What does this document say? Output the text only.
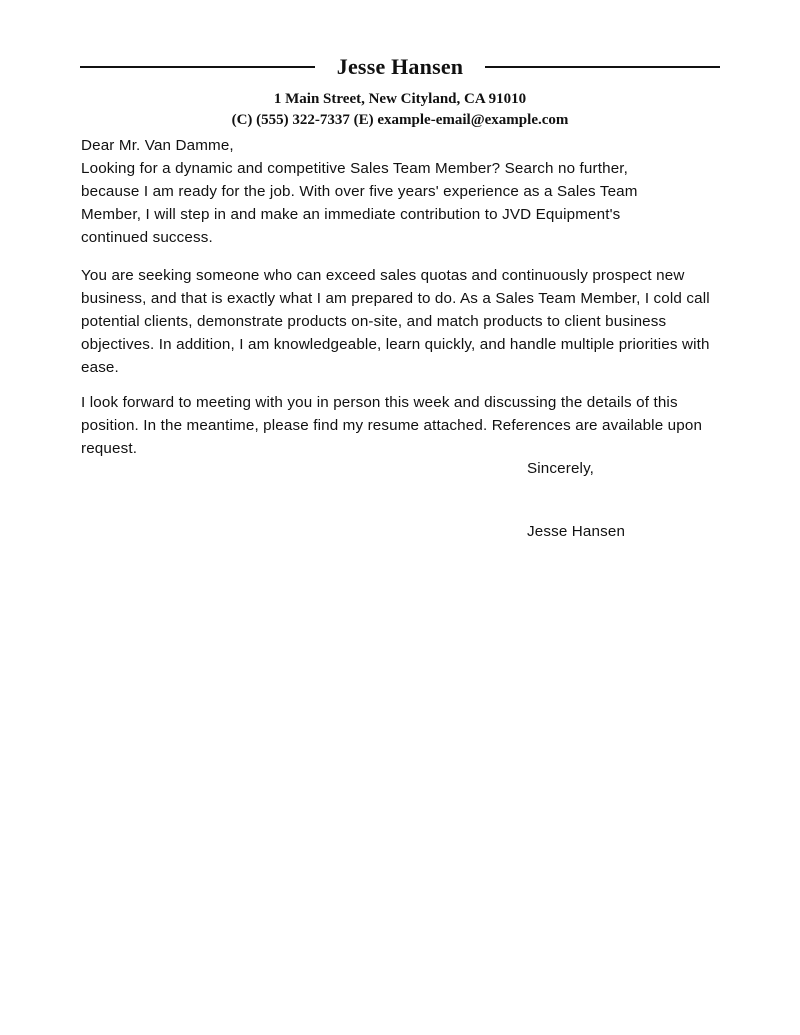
Jesse Hansen
1 Main Street, New Cityland, CA 91010
(C) (555) 322-7337 (E) example-email@example.com
Dear Mr. Van Damme,
Looking for a dynamic and competitive Sales Team Member? Search no further, because I am ready for the job. With over five years' experience as a Sales Team Member, I will step in and make an immediate contribution to JVD Equipment's continued success.
You are seeking someone who can exceed sales quotas and continuously prospect new business, and that is exactly what I am prepared to do. As a Sales Team Member, I cold call potential clients, demonstrate products on-site, and match products to client business objectives. In addition, I am knowledgeable, learn quickly, and handle multiple priorities with ease.
I look forward to meeting with you in person this week and discussing the details of this position. In the meantime, please find my resume attached. References are available upon request.
Sincerely,
Jesse Hansen
